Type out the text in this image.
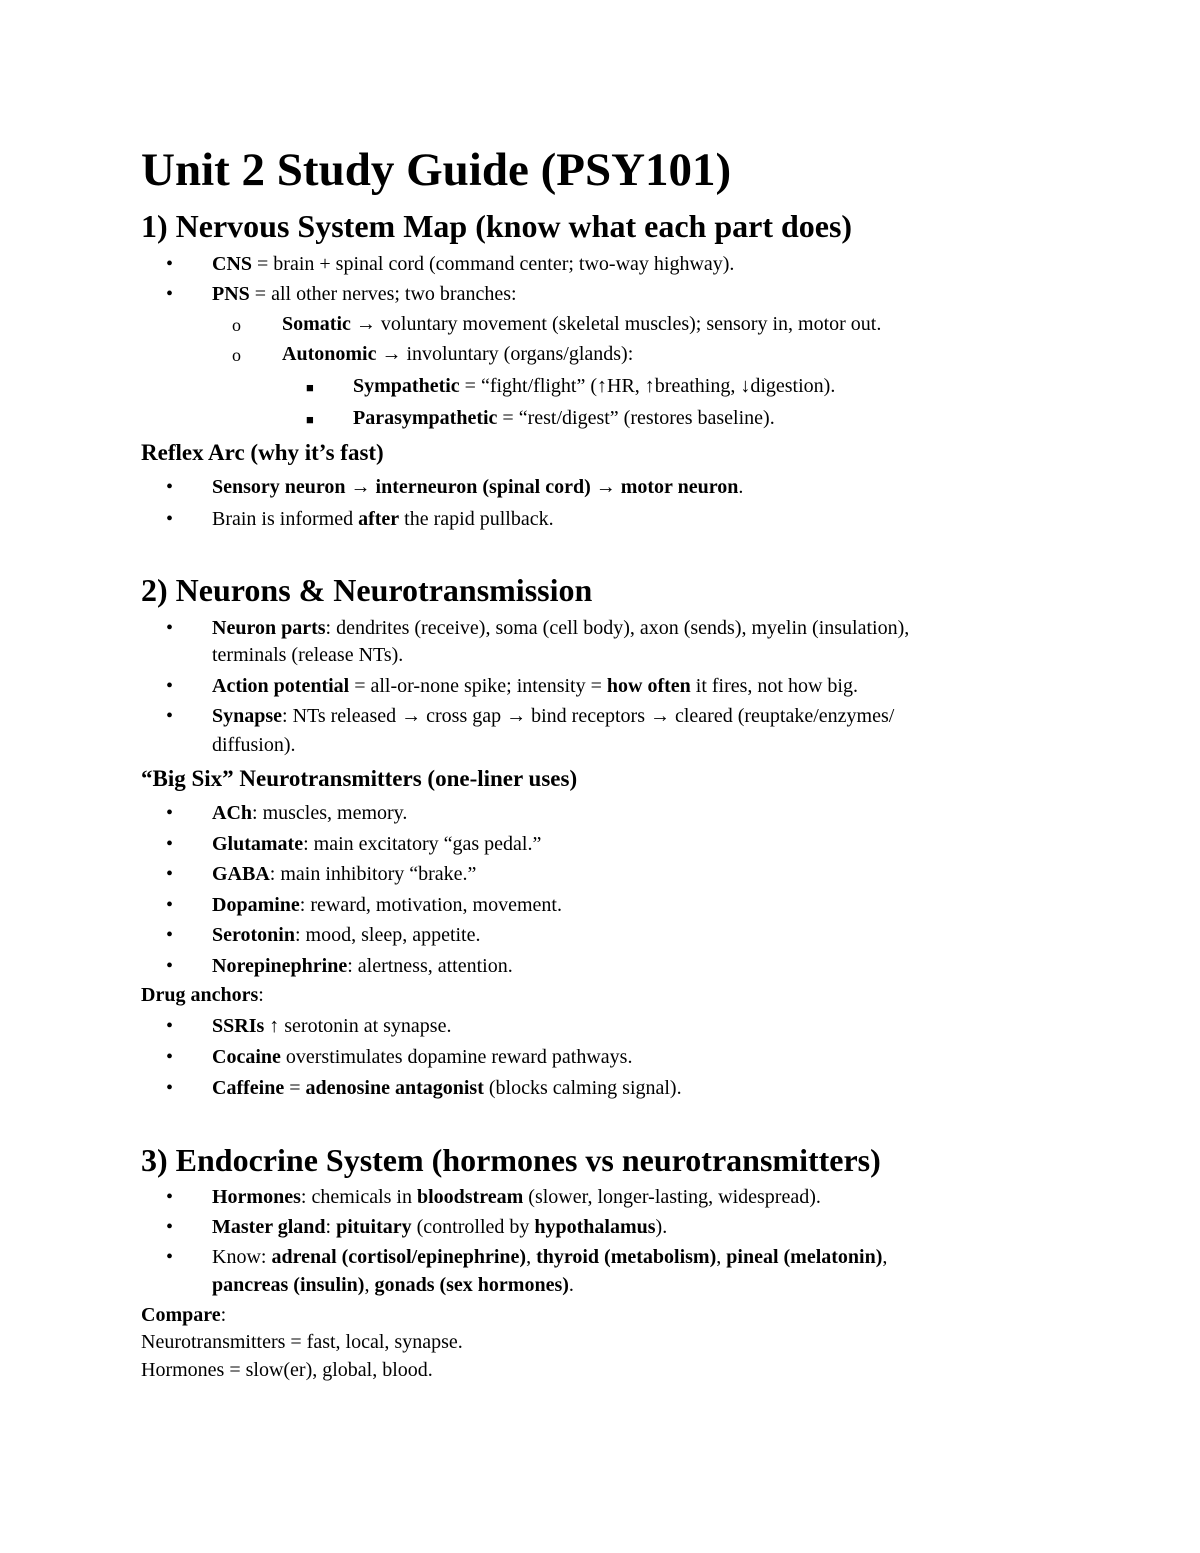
Unit 2 Study Guide (PSY101)
1) Nervous System Map (know what each part does)
• CNS = brain + spinal cord (command center; two-way highway).
• PNS = all other nerves; two branches:
o Somatic → voluntary movement (skeletal muscles); sensory in, motor out.
o Autonomic → involuntary (organs/glands):
■ Sympathetic = “fight/flight” (↑HR, ↑breathing, ↓digestion).
■ Parasympathetic = “rest/digest” (restores baseline).
Reflex Arc (why it’s fast)
• Sensory neuron → interneuron (spinal cord) → motor neuron.
• Brain is informed after the rapid pullback.
2) Neurons & Neurotransmission
• Neuron parts: dendrites (receive), soma (cell body), axon (sends), myelin (insulation),
terminals (release NTs).
• Action potential = all-or-none spike; intensity = how often it fires, not how big.
• Synapse: NTs released → cross gap → bind receptors → cleared (reuptake/enzymes/
diffusion).
“Big Six” Neurotransmitters (one-liner uses)
• ACh: muscles, memory.
• Glutamate: main excitatory “gas pedal.”
• GABA: main inhibitory “brake.”
• Dopamine: reward, motivation, movement.
• Serotonin: mood, sleep, appetite.
• Norepinephrine: alertness, attention.
Drug anchors:
• SSRIs ↑ serotonin at synapse.
• Cocaine overstimulates dopamine reward pathways.
• Caffeine = adenosine antagonist (blocks calming signal).
3) Endocrine System (hormones vs neurotransmitters)
• Hormones: chemicals in bloodstream (slower, longer-lasting, widespread).
• Master gland: pituitary (controlled by hypothalamus).
• Know: adrenal (cortisol/epinephrine), thyroid (metabolism), pineal (melatonin),
pancreas (insulin), gonads (sex hormones).
Compare:
Neurotransmitters = fast, local, synapse.
Hormones = slow(er), global, blood.
